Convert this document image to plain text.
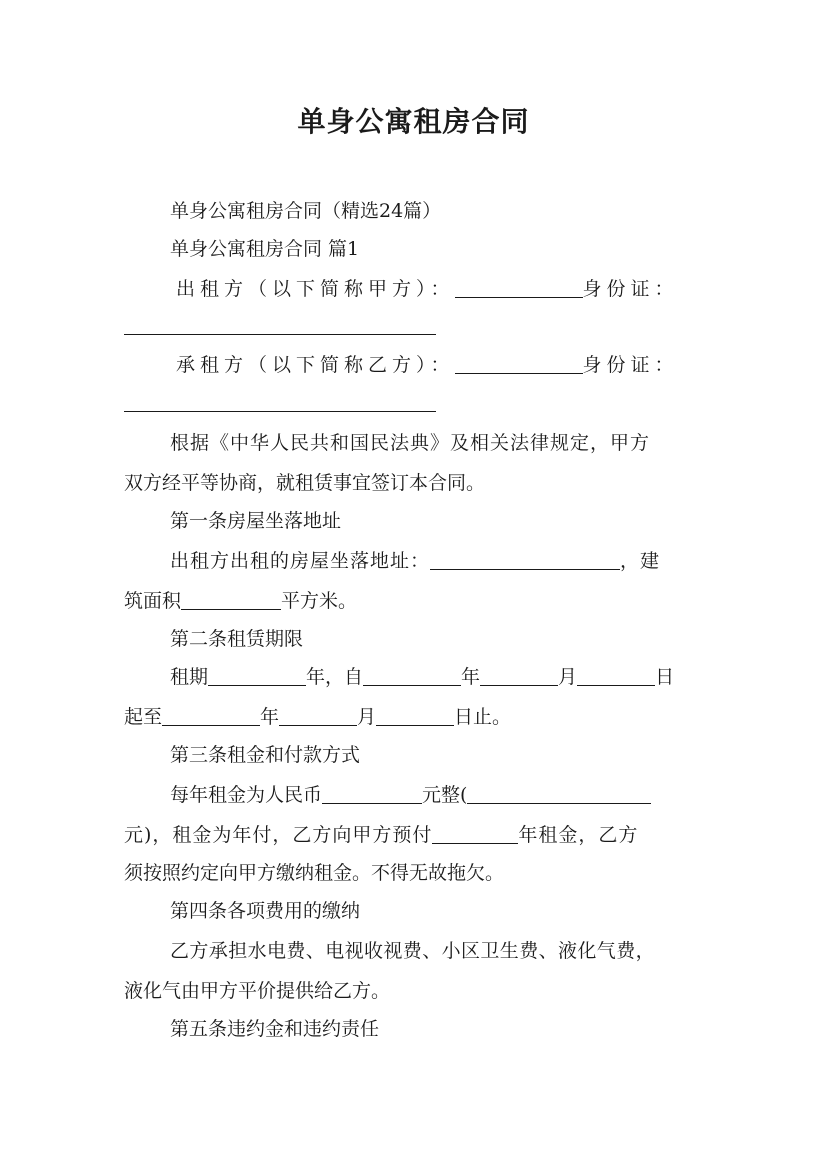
单身公寓租房合同
单身公寓租房合同（精选24篇）
单身公寓租房合同 篇1
出租方（以下简称甲方）：	身份证：
承租方（以下简称乙方）：	身份证：
根据《中华人民共和国民法典》及相关法律规定，甲方
双方经平等协商，就租赁事宜签订本合同。
第一条房屋坐落地址
出租方出租的房屋坐落地址：	，建
筑面积	平方米。
第二条租赁期限
租期	年，自	年	月	日
起至	年	月	日止。
第三条租金和付款方式
每年租金为人民币	元整(
元)，租金为年付，乙方向甲方预付	年租金，乙方
须按照约定向甲方缴纳租金。不得无故拖欠。
第四条各项费用的缴纳
乙方承担水电费、电视收视费、小区卫生费、液化气费，
液化气由甲方平价提供给乙方。
第五条违约金和违约责任
